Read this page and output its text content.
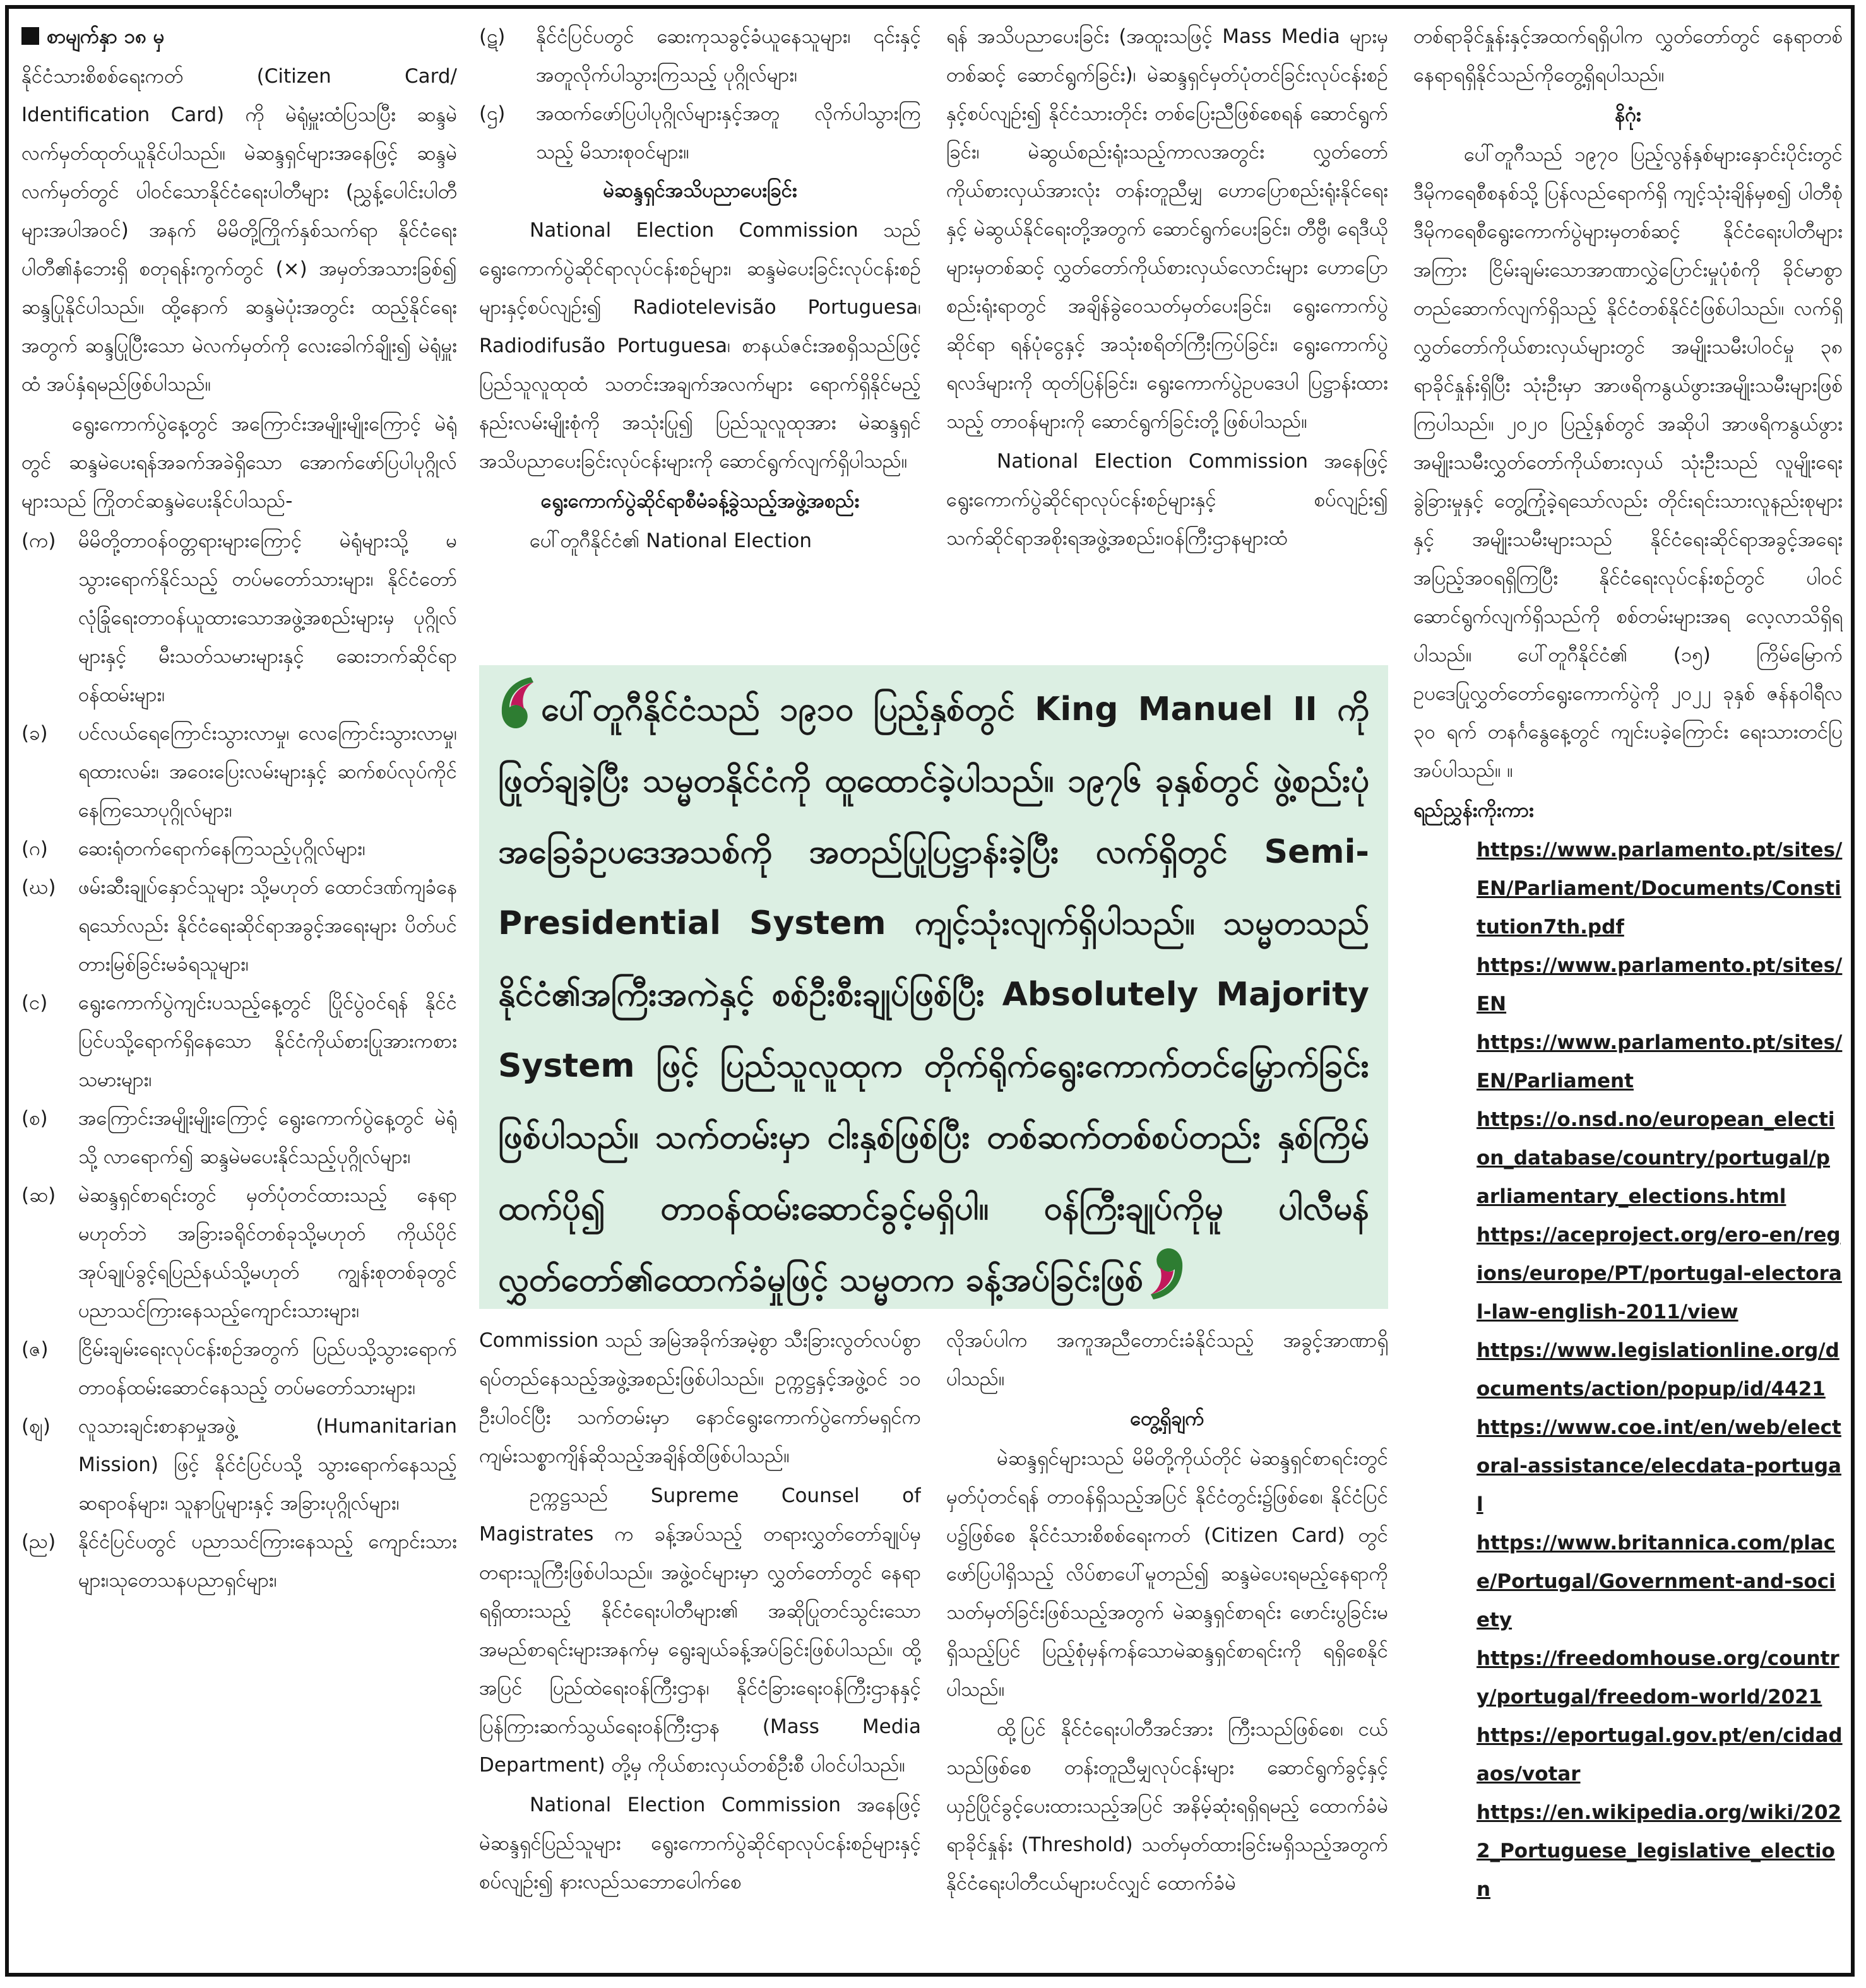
စာမျက်နှာ ၁၈ မှ

နိုင်ငံသားစိစစ်ရေးကတ် (Citizen Card/ Identification Card) ကို မဲရုံမှူးထံပြသပြီး ဆန္ဒမဲလက်မှတ်ထုတ်ယူနိုင်ပါသည်။ မဲဆန္ဒရှင်များအနေဖြင့် ဆန္ဒမဲလက်မှတ်တွင် ပါဝင်သောနိုင်ငံရေးပါတီများ (ညွှန့်ပေါင်းပါတီများအပါအဝင်) အနက် မိမိတို့ကြိုက်နှစ်သက်ရာ နိုင်ငံရေးပါတီ၏နံဘေးရှိ စတုရန်းကွက်တွင် (×) အမှတ်အသားခြစ်၍ ဆန္ဒပြုနိုင်ပါသည်။ ထို့နောက် ဆန္ဒမဲပုံးအတွင်း ထည့်နိုင်ရေးအတွက် ဆန္ဒပြုပြီးသော မဲလက်မှတ်ကို လေးခေါက်ချိုး၍ မဲရုံမှူးထံ အပ်နှံရမည်ဖြစ်ပါသည်။

ရွေးကောက်ပွဲနေ့တွင် အကြောင်းအမျိုးမျိုးကြောင့် မဲရုံတွင် ဆန္ဒမဲပေးရန်အခက်အခဲရှိသော အောက်ဖော်ပြပါပုဂ္ဂိုလ်များသည် ကြိုတင်ဆန္ဒမဲပေးနိုင်ပါသည်-

(က)	မိမိတို့တာဝန်ဝတ္တရားများကြောင့် မဲရုံများသို့ မသွားရောက်နိုင်သည့် တပ်မတော်သားများ၊ နိုင်ငံတော်လုံခြုံရေးတာဝန်ယူထားသောအဖွဲ့အစည်းများမှ ပုဂ္ဂိုလ်များနှင့် မီးသတ်သမားများနှင့် ဆေးဘက်ဆိုင်ရာဝန်ထမ်းများ၊
(ခ)	ပင်လယ်ရေကြောင်းသွားလာမှု၊ လေကြောင်းသွားလာမှု၊ ရထားလမ်း၊ အဝေးပြေးလမ်းများနှင့် ဆက်စပ်လုပ်ကိုင်နေကြသောပုဂ္ဂိုလ်များ၊
(ဂ)	ဆေးရုံတက်ရောက်နေကြသည့်ပုဂ္ဂိုလ်များ၊
(ဃ)	ဖမ်းဆီးချုပ်နှောင်သူများ သို့မဟုတ် ထောင်ဒဏ်ကျခံနေရသော်လည်း နိုင်ငံရေးဆိုင်ရာအခွင့်အရေးများ ပိတ်ပင်တားမြစ်ခြင်းမခံရသူများ၊
(င)	ရွေးကောက်ပွဲကျင်းပသည့်နေ့တွင် ပြိုင်ပွဲဝင်ရန် နိုင်ငံပြင်ပသို့ရောက်ရှိနေသော နိုင်ငံကိုယ်စားပြုအားကစားသမားများ၊
(စ)	အကြောင်းအမျိုးမျိုးကြောင့် ရွေးကောက်ပွဲနေ့တွင် မဲရုံသို့ လာရောက်၍ ဆန္ဒမဲမပေးနိုင်သည့်ပုဂ္ဂိုလ်များ၊
(ဆ)	မဲဆန္ဒရှင်စာရင်းတွင် မှတ်ပုံတင်ထားသည့် နေရာမဟုတ်ဘဲ အခြားခရိုင်တစ်ခုသို့မဟုတ် ကိုယ်ပိုင်အုပ်ချုပ်ခွင့်ရပြည်နယ်သို့မဟုတ် ကျွန်းစုတစ်ခုတွင် ပညာသင်ကြားနေသည့်ကျောင်းသားများ၊
(ဇ)	ငြိမ်းချမ်းရေးလုပ်ငန်းစဉ်အတွက် ပြည်ပသို့သွားရောက် တာဝန်ထမ်းဆောင်နေသည့် တပ်မတော်သားများ၊
(ဈ)	လူသားချင်းစာနာမှုအဖွဲ့ (Humanitarian Mission) ဖြင့် နိုင်ငံပြင်ပသို့ သွားရောက်နေသည့် ဆရာဝန်များ၊ သူနာပြုများနှင့် အခြားပုဂ္ဂိုလ်များ၊
(ည)	နိုင်ငံပြင်ပတွင် ပညာသင်ကြားနေသည့် ကျောင်းသားများ၊သုတေသနပညာရှင်များ၊
(ဋ)	နိုင်ငံပြင်ပတွင် ဆေးကုသခွင့်ခံယူနေသူများ၊ ၎င်းနှင့်အတူလိုက်ပါသွားကြသည့် ပုဂ္ဂိုလ်များ၊
(ဌ)	အထက်ဖော်ပြပါပုဂ္ဂိုလ်များနှင့်အတူ လိုက်ပါသွားကြသည့် မိသားစုဝင်များ။

မဲဆန္ဒရှင်အသိပညာပေးခြင်း

National Election Commission သည် ရွေးကောက်ပွဲဆိုင်ရာလုပ်ငန်းစဉ်များ၊ ဆန္ဒမဲပေးခြင်းလုပ်ငန်းစဉ်များနှင့်စပ်လျဉ်း၍ Radiotelevisão Portuguesa၊ Radiodifusão Portuguesa၊ စာနယ်ဇင်းအစရှိသည်ဖြင့် ပြည်သူလူထုထံ သတင်းအချက်အလက်များ ရောက်ရှိနိုင်မည့်နည်းလမ်းမျိုးစုံကို အသုံးပြု၍ ပြည်သူလူထုအား မဲဆန္ဒရှင်အသိပညာပေးခြင်းလုပ်ငန်းများကို ဆောင်ရွက်လျက်ရှိပါသည်။

ရွေးကောက်ပွဲဆိုင်ရာစီမံခန့်ခွဲသည့်အဖွဲ့အစည်း

ပေါ်တူဂီနိုင်ငံ၏ National Election

ရန် အသိပညာပေးခြင်း (အထူးသဖြင့် Mass Media များမှတစ်ဆင့် ဆောင်ရွက်ခြင်း)၊ မဲဆန္ဒရှင်မှတ်ပုံတင်ခြင်းလုပ်ငန်းစဉ်နှင့်စပ်လျဉ်း၍ နိုင်ငံသားတိုင်း တစ်ပြေးညီဖြစ်စေရန် ဆောင်ရွက်ခြင်း၊ မဲဆွယ်စည်းရုံးသည့်ကာလအတွင်း လွှတ်တော်ကိုယ်စားလှယ်အားလုံး တန်းတူညီမျှ ဟောပြောစည်းရုံးနိုင်ရေးနှင့် မဲဆွယ်နိုင်ရေးတို့အတွက် ဆောင်ရွက်ပေးခြင်း၊ တီဗွီ၊ ရေဒီယိုများမှတစ်ဆင့် လွှတ်တော်ကိုယ်စားလှယ်လောင်းများ ဟောပြောစည်းရုံးရာတွင် အချိန်ခွဲဝေသတ်မှတ်ပေးခြင်း၊ ရွေးကောက်ပွဲဆိုင်ရာ ရန်ပုံငွေနှင့် အသုံးစရိတ်ကြီးကြပ်ခြင်း၊ ရွေးကောက်ပွဲရလဒ်များကို ထုတ်ပြန်ခြင်း၊ ရွေးကောက်ပွဲဥပဒေပါ ပြဋ္ဌာန်းထားသည့် တာဝန်များကို ဆောင်ရွက်ခြင်းတို့ဖြစ်ပါသည်။

National Election Commission အနေဖြင့် ရွေးကောက်ပွဲဆိုင်ရာလုပ်ငန်းစဉ်များနှင့် စပ်လျဉ်း၍ သက်ဆိုင်ရာအစိုးရအဖွဲ့အစည်း၊ဝန်ကြီးဌာနများထံ

ပေါ်တူဂီနိုင်ငံသည် ၁၉၁၀ ပြည့်နှစ်တွင် King Manuel II ကို ဖြုတ်ချခဲ့ပြီး သမ္မတနိုင်ငံကို ထူထောင်ခဲ့ပါသည်။ ၁၉၇၆ ခုနှစ်တွင် ဖွဲ့စည်းပုံအခြေခံဥပဒေအသစ်ကို အတည်ပြုပြဋ္ဌာန်းခဲ့ပြီး လက်ရှိတွင် Semi-Presidential System ကျင့်သုံးလျက်ရှိပါသည်။ သမ္မတသည် နိုင်ငံ၏အကြီးအကဲနှင့် စစ်ဦးစီးချုပ်ဖြစ်ပြီး Absolutely Majority System ဖြင့် ပြည်သူလူထုက တိုက်ရိုက်ရွေးကောက်တင်မြှောက်ခြင်းဖြစ်ပါသည်။ သက်တမ်းမှာ ငါးနှစ်ဖြစ်ပြီး တစ်ဆက်တစ်စပ်တည်း နှစ်ကြိမ်ထက်ပို၍ တာဝန်ထမ်းဆောင်ခွင့်မရှိပါ။ ဝန်ကြီးချုပ်ကိုမူ ပါလီမန်လွှတ်တော်၏ထောက်ခံမှုဖြင့် သမ္မတက ခန့်အပ်ခြင်းဖြစ်

Commission သည် အမြဲအခိုက်အမဲ့စွာ သီးခြားလွတ်လပ်စွာ ရပ်တည်နေသည့်အဖွဲ့အစည်းဖြစ်ပါသည်။ ဥက္ကဋ္ဌနှင့်အဖွဲ့ဝင် ၁၀ ဦးပါဝင်ပြီး သက်တမ်းမှာ နောင်ရွေးကောက်ပွဲကော်မရှင်က ကျမ်းသစ္စာကျိန်ဆိုသည့်အချိန်ထိဖြစ်ပါသည်။

ဥက္ကဋ္ဌသည် Supreme Counsel of Magistrates က ခန့်အပ်သည့် တရားလွှတ်တော်ချုပ်မှ တရားသူကြီးဖြစ်ပါသည်။ အဖွဲ့ဝင်များမှာ လွှတ်တော်တွင် နေရာရရှိထားသည့် နိုင်ငံရေးပါတီများ၏ အဆိုပြုတင်သွင်းသော အမည်စာရင်းများအနက်မှ ရွေးချယ်ခန့်အပ်ခြင်းဖြစ်ပါသည်။ ထို့အပြင် ပြည်ထဲရေးဝန်ကြီးဌာန၊ နိုင်ငံခြားရေးဝန်ကြီးဌာနနှင့် ပြန်ကြားဆက်သွယ်ရေးဝန်ကြီးဌာန (Mass Media Department) တို့မှ ကိုယ်စားလှယ်တစ်ဦးစီ ပါဝင်ပါသည်။

National Election Commission အနေဖြင့် မဲဆန္ဒရှင်ပြည်သူများ ရွေးကောက်ပွဲဆိုင်ရာလုပ်ငန်းစဉ်များနှင့်စပ်လျဉ်း၍ နားလည်သဘောပေါက်စေ

လိုအပ်ပါက အကူအညီတောင်းခံနိုင်သည့် အခွင့်အာဏာရှိပါသည်။

တွေ့ရှိချက်

မဲဆန္ဒရှင်များသည် မိမိတို့ကိုယ်တိုင် မဲဆန္ဒရှင်စာရင်းတွင်မှတ်ပုံတင်ရန် တာဝန်ရှိသည့်အပြင် နိုင်ငံတွင်း၌ဖြစ်စေ၊ နိုင်ငံပြင်ပ၌ဖြစ်စေ နိုင်ငံသားစိစစ်ရေးကတ် (Citizen Card) တွင် ဖော်ပြပါရှိသည့် လိပ်စာပေါ်မူတည်၍ ဆန္ဒမဲပေးရမည့်နေရာကို သတ်မှတ်ခြင်းဖြစ်သည့်အတွက် မဲဆန္ဒရှင်စာရင်း ဖောင်းပွခြင်းမရှိသည့်ပြင် ပြည့်စုံမှန်ကန်သောမဲဆန္ဒရှင်စာရင်းကို ရရှိစေနိုင်ပါသည်။

ထို့ပြင် နိုင်ငံရေးပါတီအင်အား ကြီးသည်ဖြစ်စေ၊ ငယ်သည်ဖြစ်စေ တန်းတူညီမျှလုပ်ငန်းများ ဆောင်ရွက်ခွင့်နှင့် ယှဉ်ပြိုင်ခွင့်ပေးထားသည့်အပြင် အနိမ့်ဆုံးရရှိရမည့် ထောက်ခံမဲရာခိုင်နှုန်း (Threshold) သတ်မှတ်ထားခြင်းမရှိသည့်အတွက် နိုင်ငံရေးပါတီငယ်များပင်လျှင် ထောက်ခံမဲ

တစ်ရာခိုင်နှုန်းနှင့်အထက်ရရှိပါက လွှတ်တော်တွင် နေရာတစ်နေရာရရှိနိုင်သည်ကိုတွေ့ရှိရပါသည်။

နိဂုံး

ပေါ်တူဂီသည် ၁၉၇၀ ပြည့်လွန်နှစ်များနှောင်းပိုင်းတွင် ဒီမိုကရေစီစနစ်သို့ ပြန်လည်ရောက်ရှိ ကျင့်သုံးချိန်မှစ၍ ပါတီစုံဒီမိုကရေစီရွေးကောက်ပွဲများမှတစ်ဆင့် နိုင်ငံရေးပါတီများအကြား ငြိမ်းချမ်းသောအာဏာလွှဲပြောင်းမှုပုံစံကို ခိုင်မာစွာတည်ဆောက်လျက်ရှိသည့် နိုင်ငံတစ်နိုင်ငံဖြစ်ပါသည်။ လက်ရှိလွှတ်တော်ကိုယ်စားလှယ်များတွင် အမျိုးသမီးပါဝင်မှု ၃၈ ရာခိုင်နှုန်းရှိပြီး သုံးဦးမှာ အာဖရိကနွယ်ဖွားအမျိုးသမီးများဖြစ်ကြပါသည်။ ၂၀၂၀ ပြည့်နှစ်တွင် အဆိုပါ အာဖရိကနွယ်ဖွား အမျိုးသမီးလွှတ်တော်ကိုယ်စားလှယ် သုံးဦးသည် လူမျိုးရေးခွဲခြားမှုနှင့် တွေ့ကြုံခဲ့ရသော်လည်း တိုင်းရင်းသားလူနည်းစုများနှင့် အမျိုးသမီးများသည် နိုင်ငံရေးဆိုင်ရာအခွင့်အရေးအပြည့်အဝရရှိကြပြီး နိုင်ငံရေးလုပ်ငန်းစဉ်တွင် ပါဝင်ဆောင်ရွက်လျက်ရှိသည်ကို စစ်တမ်းများအရ လေ့လာသိရှိရပါသည်။ ပေါ်တူဂီနိုင်ငံ၏ (၁၅) ကြိမ်မြောက် ဥပဒေပြုလွှတ်တော်ရွေးကောက်ပွဲကို ၂၀၂၂ ခုနှစ် ဇန်နဝါရီလ ၃၀ ရက် တနင်္ဂနွေနေ့တွင် ကျင်းပခဲ့ကြောင်း ရေးသားတင်ပြအပ်ပါသည်။ ။

ရည်ညွှန်းကိုးကား

https://www.parlamento.pt/sites/EN/Parliament/Documents/Constitution7th.pdf
https://www.parlamento.pt/sites/EN
https://www.parlamento.pt/sites/EN/Parliament
https://o.nsd.no/european_election_database/country/portugal/parliamentary_elections.html
https://aceproject.org/ero-en/regions/europe/PT/portugal-electoral-law-english-2011/view
https://www.legislationline.org/documents/action/popup/id/4421
https://www.coe.int/en/web/electoral-assistance/elecdata-portugal
https://www.britannica.com/place/Portugal/Government-and-society
https://freedomhouse.org/country/portugal/freedom-world/2021
https://eportugal.gov.pt/en/cidadaos/votar
https://en.wikipedia.org/wiki/2022_Portuguese_legislative_election
